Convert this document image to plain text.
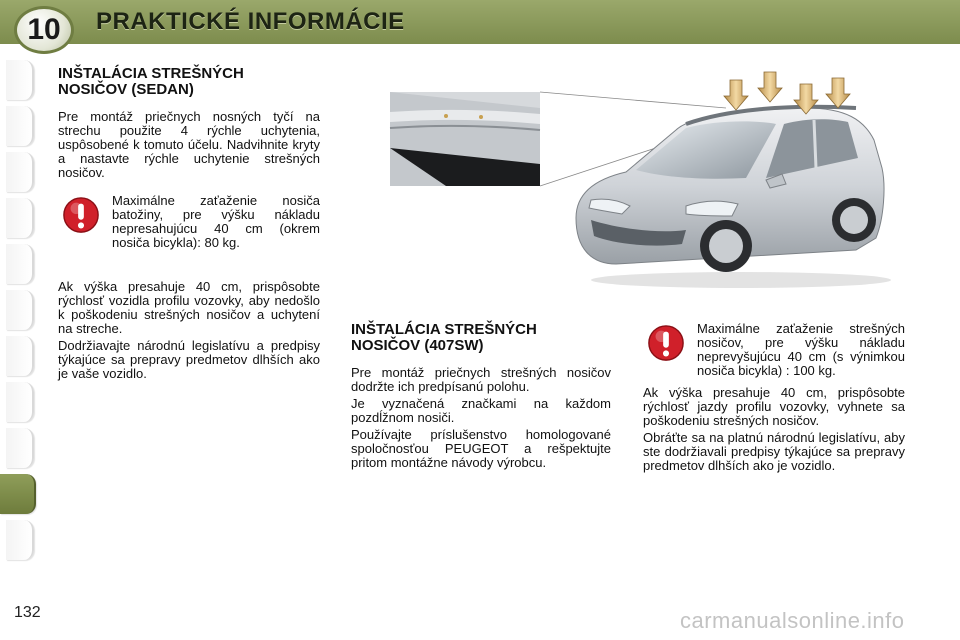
10	PRAKTICKÉ INFORMÁCIE
INŠTALÁCIA STREŠNÝCH
NOSIČOV (SEDAN)

Pre montáž priečnych nosných tyčí na strechu použite 4 rýchle uchytenia, uspôsobené k tomuto účelu. Nadvihnite kryty a nastavte rýchle uchytenie strešných nosičov.

Maximálne zaťaženie nosiča batožiny, pre výšku nákladu nepresahujúcu 40 cm (okrem nosiča bicykla): 80 kg.

Ak výška presahuje 40 cm, prispôsobte rýchlosť vozidla profilu vozovky, aby nedošlo k poškodeniu strešných nosičov a uchytení na streche.

Dodržiavajte národnú legislatívu a predpisy týkajúce sa prepravy predmetov dlhších ako je vaše vozidlo.

INŠTALÁCIA STREŠNÝCH
NOSIČOV (407SW)

Pre montáž priečnych strešných nosičov dodržte ich predpísanú polohu.

Je vyznačená značkami na každom pozdĺžnom nosiči.

Používajte príslušenstvo homologované spoločnosťou PEUGEOT a rešpektujte pritom montážne návody výrobcu.

Maximálne zaťaženie strešných nosičov, pre výšku nákladu neprevyšujúcu 40 cm (s výnimkou nosiča bicykla) : 100 kg.

Ak výška presahuje 40 cm, prispôsobte rýchlosť jazdy profilu vozovky, vyhnete sa poškodeniu strešných nosičov.

Obráťte sa na platnú národnú legislatívu, aby ste dodržiavali predpisy týkajúce sa prepravy predmetov dlhších ako je vozidlo.

132	carmanualsonline.info
